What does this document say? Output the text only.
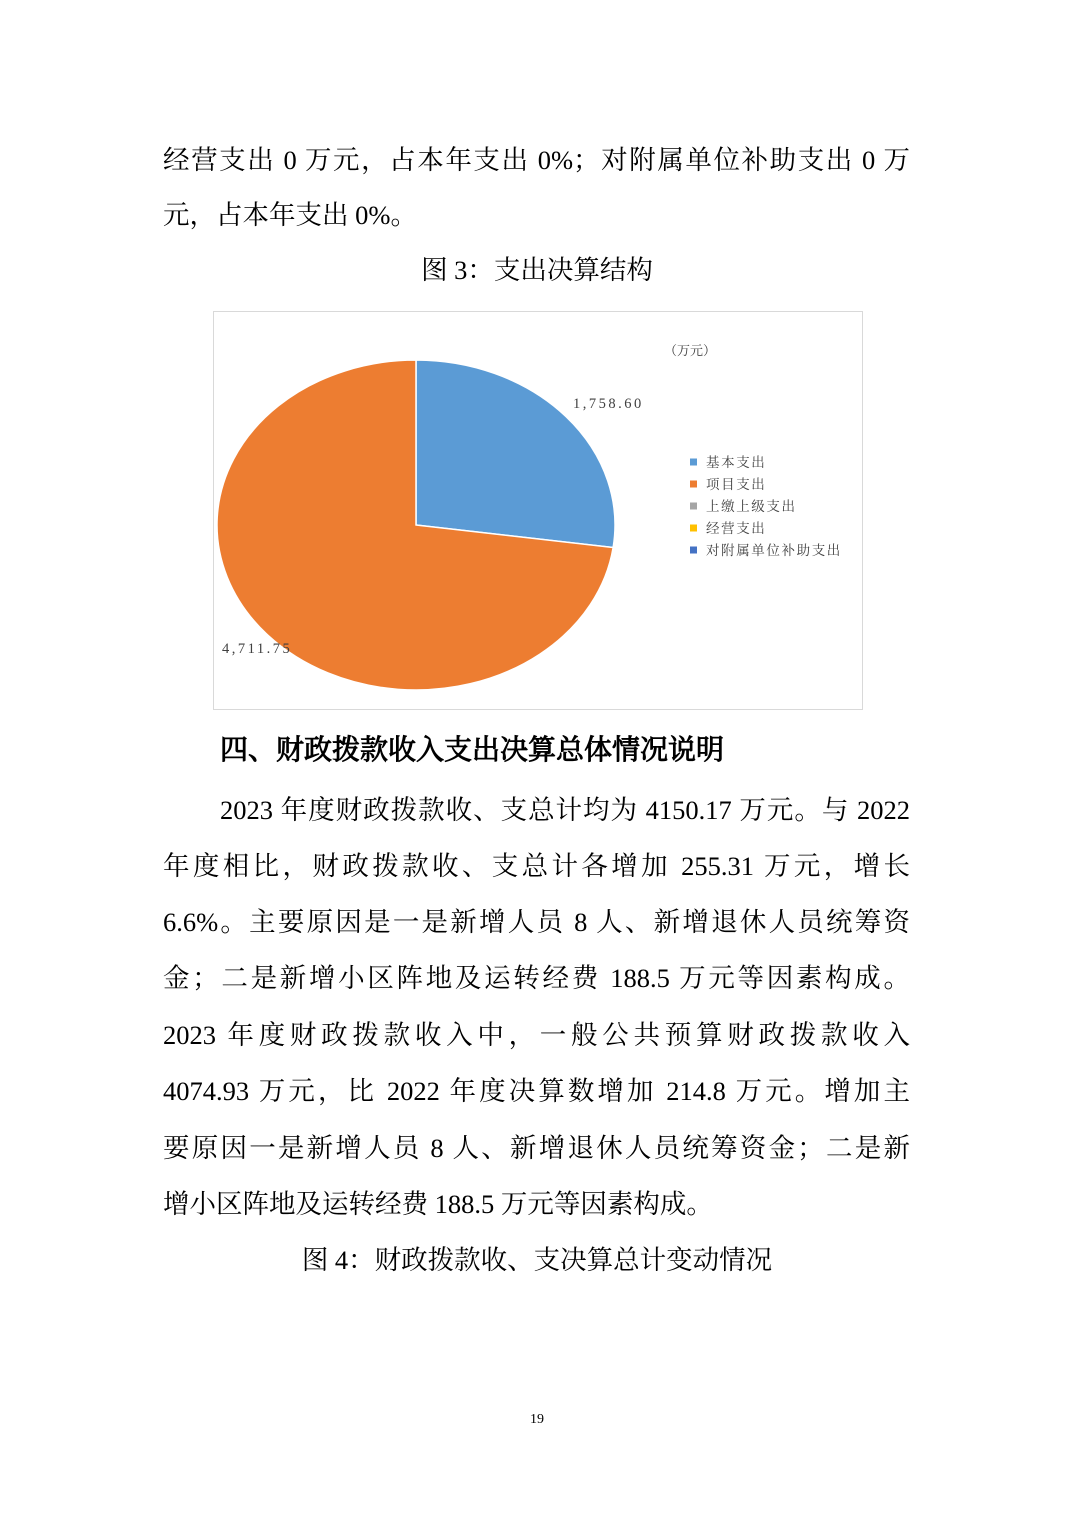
经营支出 0 万元，占本年支出 0%；对附属单位补助支出 0 万
元，占本年支出 0%。
图 3：支出决算结构
（万元）
1,758.60
4,711.75
基本支出
项目支出
上缴上级支出
经营支出
对附属单位补助支出
四、财政拨款收入支出决算总体情况说明
2023 年度财政拨款收、支总计均为 4150.17 万元。与 2022
年度相比，财政拨款收、支总计各增加 255.31 万元，增长
6.6%。主要原因是一是新增人员 8 人、新增退休人员统筹资
金；二是新增小区阵地及运转经费 188.5 万元等因素构成。
2023 年度财政拨款收入中，一般公共预算财政拨款收入
4074.93 万元，比 2022 年度决算数增加 214.8 万元。增加主
要原因一是新增人员 8 人、新增退休人员统筹资金；二是新
增小区阵地及运转经费 188.5 万元等因素构成。
图 4：财政拨款收、支决算总计变动情况
19
